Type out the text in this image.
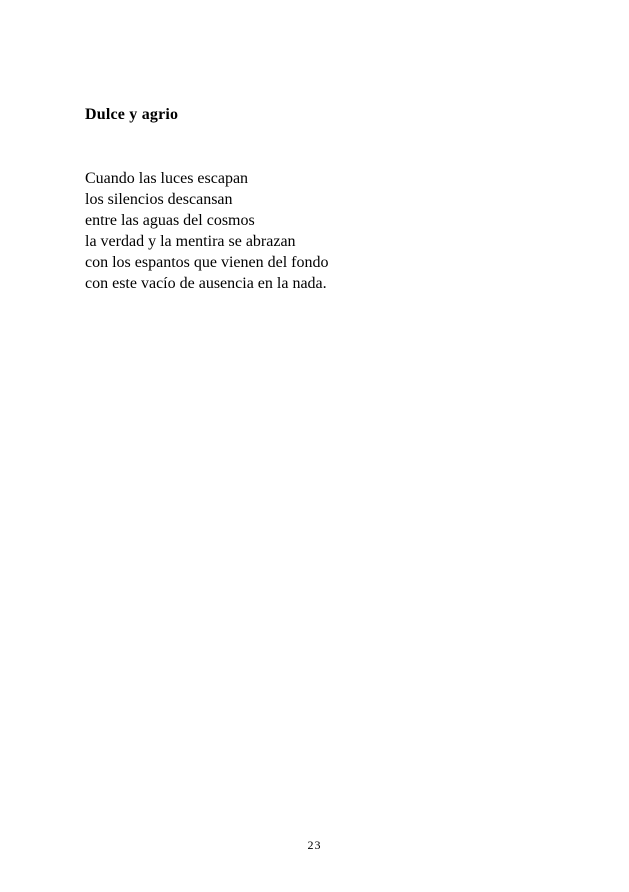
Dulce y agrio
Cuando las luces escapan
los silencios descansan
entre las aguas del cosmos
la verdad y la mentira se abrazan
con los espantos que vienen del fondo
con este vacío de ausencia en la nada.
23
